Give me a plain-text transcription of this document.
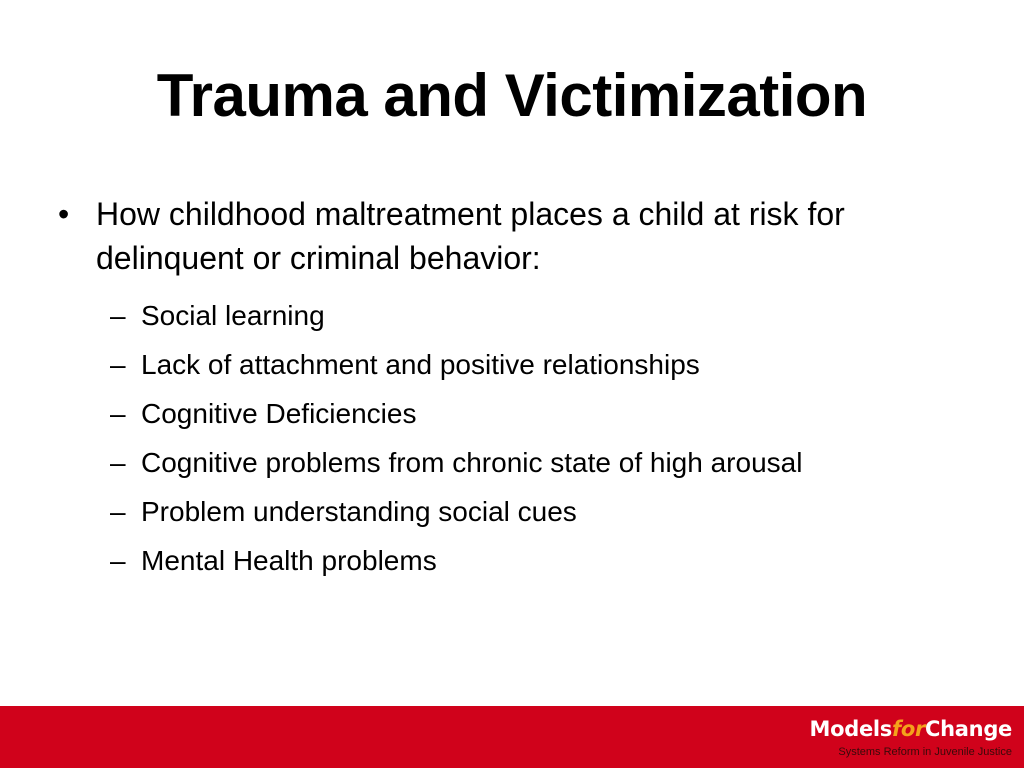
Trauma and Victimization
• How childhood maltreatment places a child at risk for delinquent or criminal behavior:
– Social learning
– Lack of attachment and positive relationships
– Cognitive Deficiencies
– Cognitive problems from chronic state of high arousal
– Problem understanding social cues
– Mental Health problems
ModelsforChange
Systems Reform in Juvenile Justice
